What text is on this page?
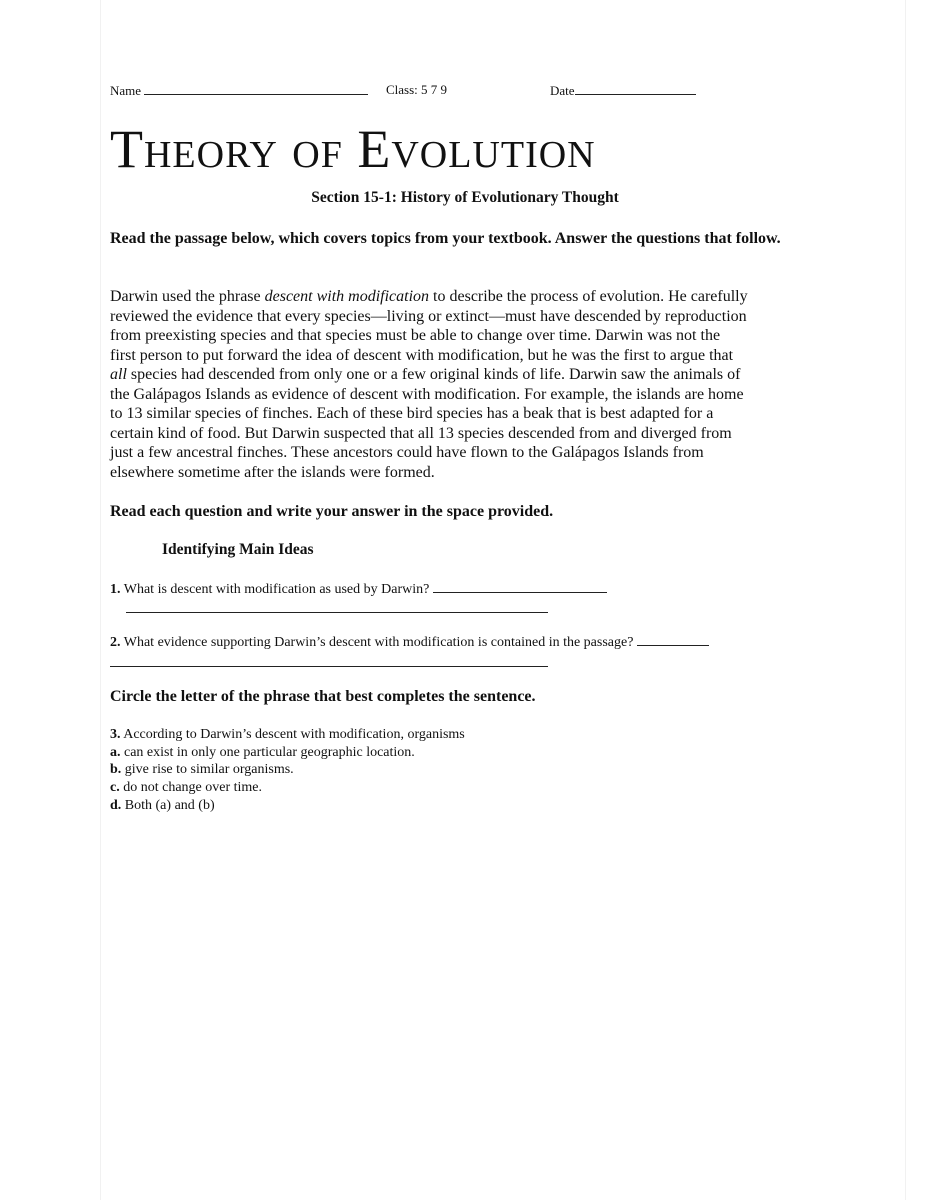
Name	Class: 5 7 9	Date
Theory of Evolution
Section 15-1: History of Evolutionary Thought
Read the passage below, which covers topics from your textbook. Answer the questions that follow.
Darwin used the phrase descent with modification to describe the process of evolution. He carefully
reviewed the evidence that every species—living or extinct—must have descended by reproduction
from preexisting species and that species must be able to change over time. Darwin was not the
first person to put forward the idea of descent with modification, but he was the first to argue that
all species had descended from only one or a few original kinds of life. Darwin saw the animals of
the Galápagos Islands as evidence of descent with modification. For example, the islands are home
to 13 similar species of finches. Each of these bird species has a beak that is best adapted for a
certain kind of food. But Darwin suspected that all 13 species descended from and diverged from
just a few ancestral finches. These ancestors could have flown to the Galápagos Islands from
elsewhere sometime after the islands were formed.
Read each question and write your answer in the space provided.
Identifying Main Ideas
1. What is descent with modification as used by Darwin?
2. What evidence supporting Darwin’s descent with modification is contained in the passage?
Circle the letter of the phrase that best completes the sentence.
3. According to Darwin’s descent with modification, organisms
a. can exist in only one particular geographic location.
b. give rise to similar organisms.
c. do not change over time.
d. Both (a) and (b)
